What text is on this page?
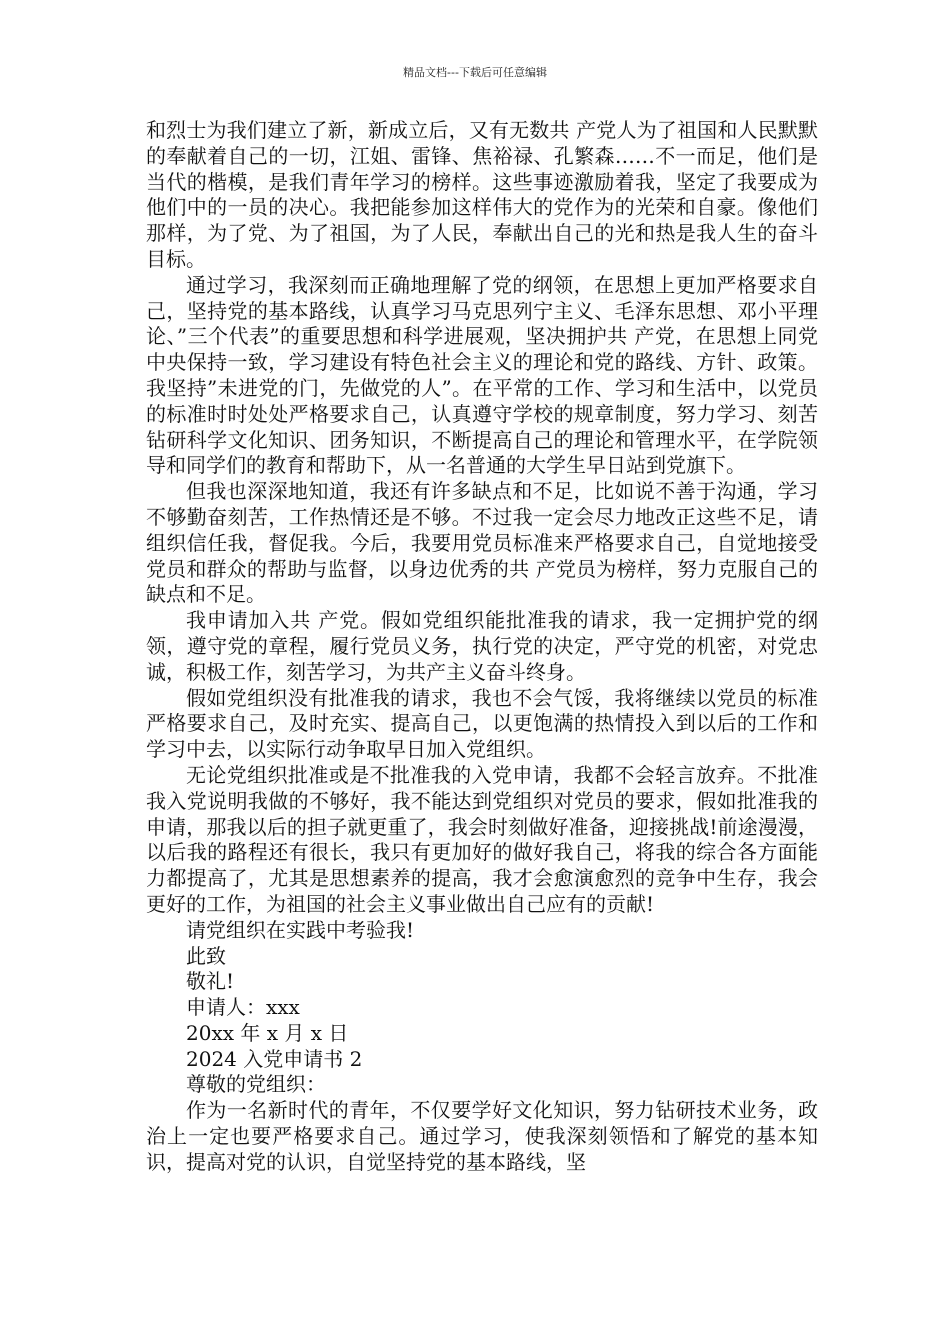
精品文档---下载后可任意编辑

和烈士为我们建立了新，新成立后，又有无数共 产党人为了祖国和人民默默的奉献着自己的一切，江姐、雷锋、焦裕禄、孔繁森……不一而足，他们是当代的楷模，是我们青年学习的榜样。这些事迹激励着我，坚定了我要成为他们中的一员的决心。我把能参加这样伟大的党作为的光荣和自豪。像他们那样，为了党、为了祖国，为了人民，奉献出自己的光和热是我人生的奋斗目标。

通过学习，我深刻而正确地理解了党的纲领，在思想上更加严格要求自己，坚持党的基本路线，认真学习马克思列宁主义、毛泽东思想、邓小平理论、”三个代表”的重要思想和科学进展观，坚决拥护共 产党，在思想上同党中央保持一致，学习建设有特色社会主义的理论和党的路线、方针、政策。我坚持”未进党的门，先做党的人”。在平常的工作、学习和生活中，以党员的标准时时处处严格要求自己，认真遵守学校的规章制度，努力学习、刻苦钻研科学文化知识、团务知识，不断提高自己的理论和管理水平，在学院领导和同学们的教育和帮助下，从一名普通的大学生早日站到党旗下。

但我也深深地知道，我还有许多缺点和不足，比如说不善于沟通，学习不够勤奋刻苦，工作热情还是不够。不过我一定会尽力地改正这些不足，请组织信任我，督促我。今后，我要用党员标准来严格要求自己，自觉地接受党员和群众的帮助与监督，以身边优秀的共 产党员为榜样，努力克服自己的缺点和不足。

我申请加入共 产党。假如党组织能批准我的请求，我一定拥护党的纲领，遵守党的章程，履行党员义务，执行党的决定，严守党的机密，对党忠诚，积极工作，刻苦学习，为共产主义奋斗终身。

假如党组织没有批准我的请求，我也不会气馁，我将继续以党员的标准严格要求自己，及时充实、提高自己，以更饱满的热情投入到以后的工作和学习中去，以实际行动争取早日加入党组织。

无论党组织批准或是不批准我的入党申请，我都不会轻言放弃。不批准我入党说明我做的不够好，我不能达到党组织对党员的要求，假如批准我的申请，那我以后的担子就更重了，我会时刻做好准备，迎接挑战!前途漫漫，以后我的路程还有很长，我只有更加好的做好我自己，将我的综合各方面能力都提高了，尤其是思想素养的提高，我才会愈演愈烈的竞争中生存，我会更好的工作，为祖国的社会主义事业做出自己应有的贡献!

请党组织在实践中考验我!

此致

敬礼!

申请人：xxx

20xx 年 x 月 x 日

2024 入党申请书 2

尊敬的党组织：

作为一名新时代的青年，不仅要学好文化知识，努力钻研技术业务，政治上一定也要严格要求自己。通过学习，使我深刻领悟和了解党的基本知识，提高对党的认识，自觉坚持党的基本路线，坚
